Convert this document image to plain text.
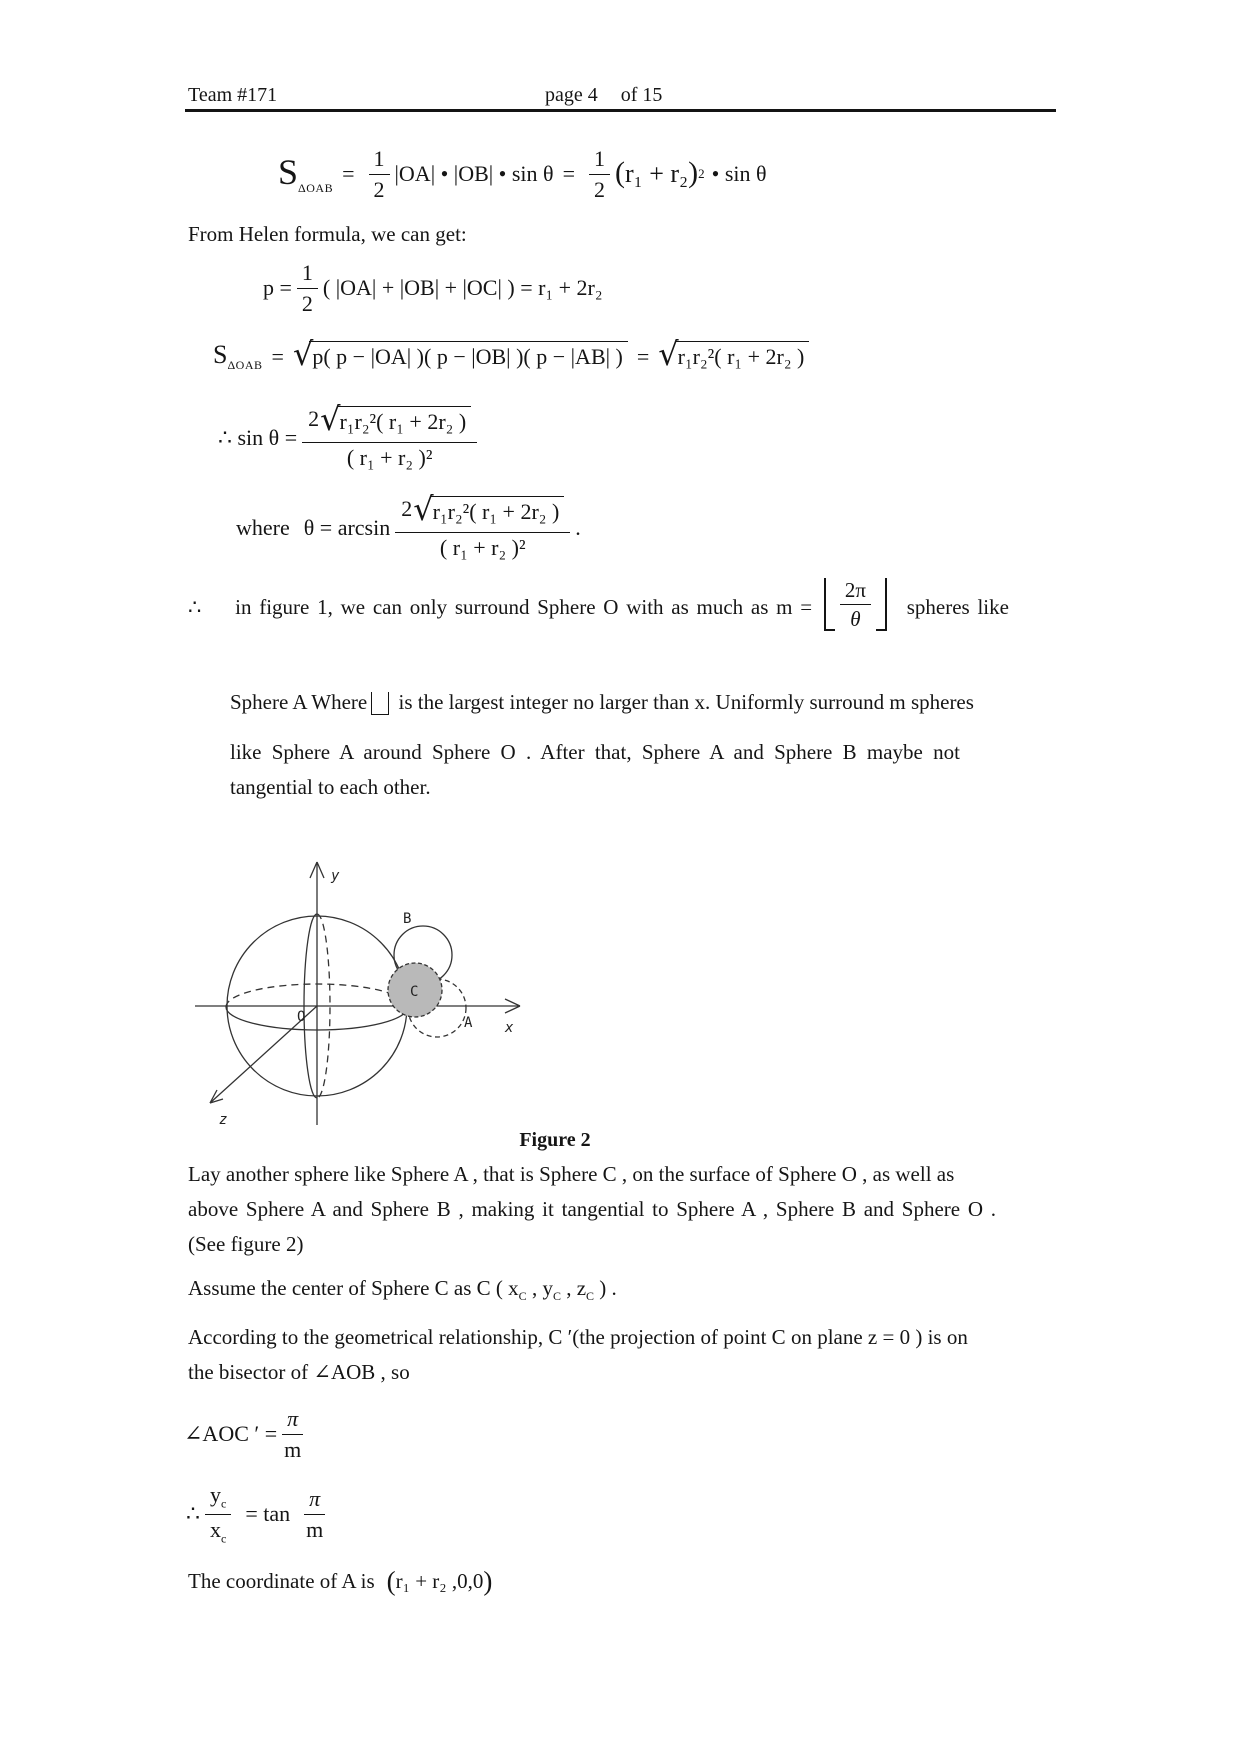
Team #171	page 4 of 15
$S_{\Delta OAB}$
= $\frac{1}{2} |OA|$ • |OB| • $\sin \theta = \frac{1}{2}$ ( r₁ + r₂ ) 2 • sin θ
From Helen formula, we can get:
$p = \frac{1}{2}$ ( |OA| + |OB| + |OC| ) = r₁ + 2r₂
$S_{\Delta OAB}$ = √ p( p − |OA| )( p − |OB| )( p − |AB| ) = √ r₁r₂²( r₁ + 2r₂ )
∴ $\sin \theta = \frac{\text{2 √ r₁r₂²( r₁ + 2r₂ )}}{\text{( r₁ + r₂ )²}}$
where $\theta = \arcsin \frac{\text{2 √ r₁r₂²( r₁ + 2r₂ )}}{\text{( r₁ + r₂ )²}}$ .
∴ in figure 1, we can only surround Sphere O with as much as $m = \frac{2\pi}{\theta}$ spheres like
Sphere A Where is the largest integer no larger than x. Uniformly surround m spheres
like Sphere A around Sphere O . After that, Sphere A and Sphere B maybe not
tangential to each other.
y
x
z
O
B
C
A
Figure 2
Lay another sphere like Sphere A , that is Sphere C , on the surface of Sphere O , as well as
above Sphere A and Sphere B , making it tangential to Sphere A , Sphere B and Sphere O .
(See figure 2)
Assume the center of Sphere C as C ( $x_C$ , $y_C$ , $z_C$ ) .
According to the geometrical relationship, C ′(the projection of point C on plane z = 0 ) is on
the bisector of ∠AOB , so
∠AOC ′ = $\frac{\pi}{m}$
∴ $\frac{y_c}{x_c} = \tan \frac{\pi}{m}$
The coordinate of A is ( r₁ + r₂ ,0,0 )
